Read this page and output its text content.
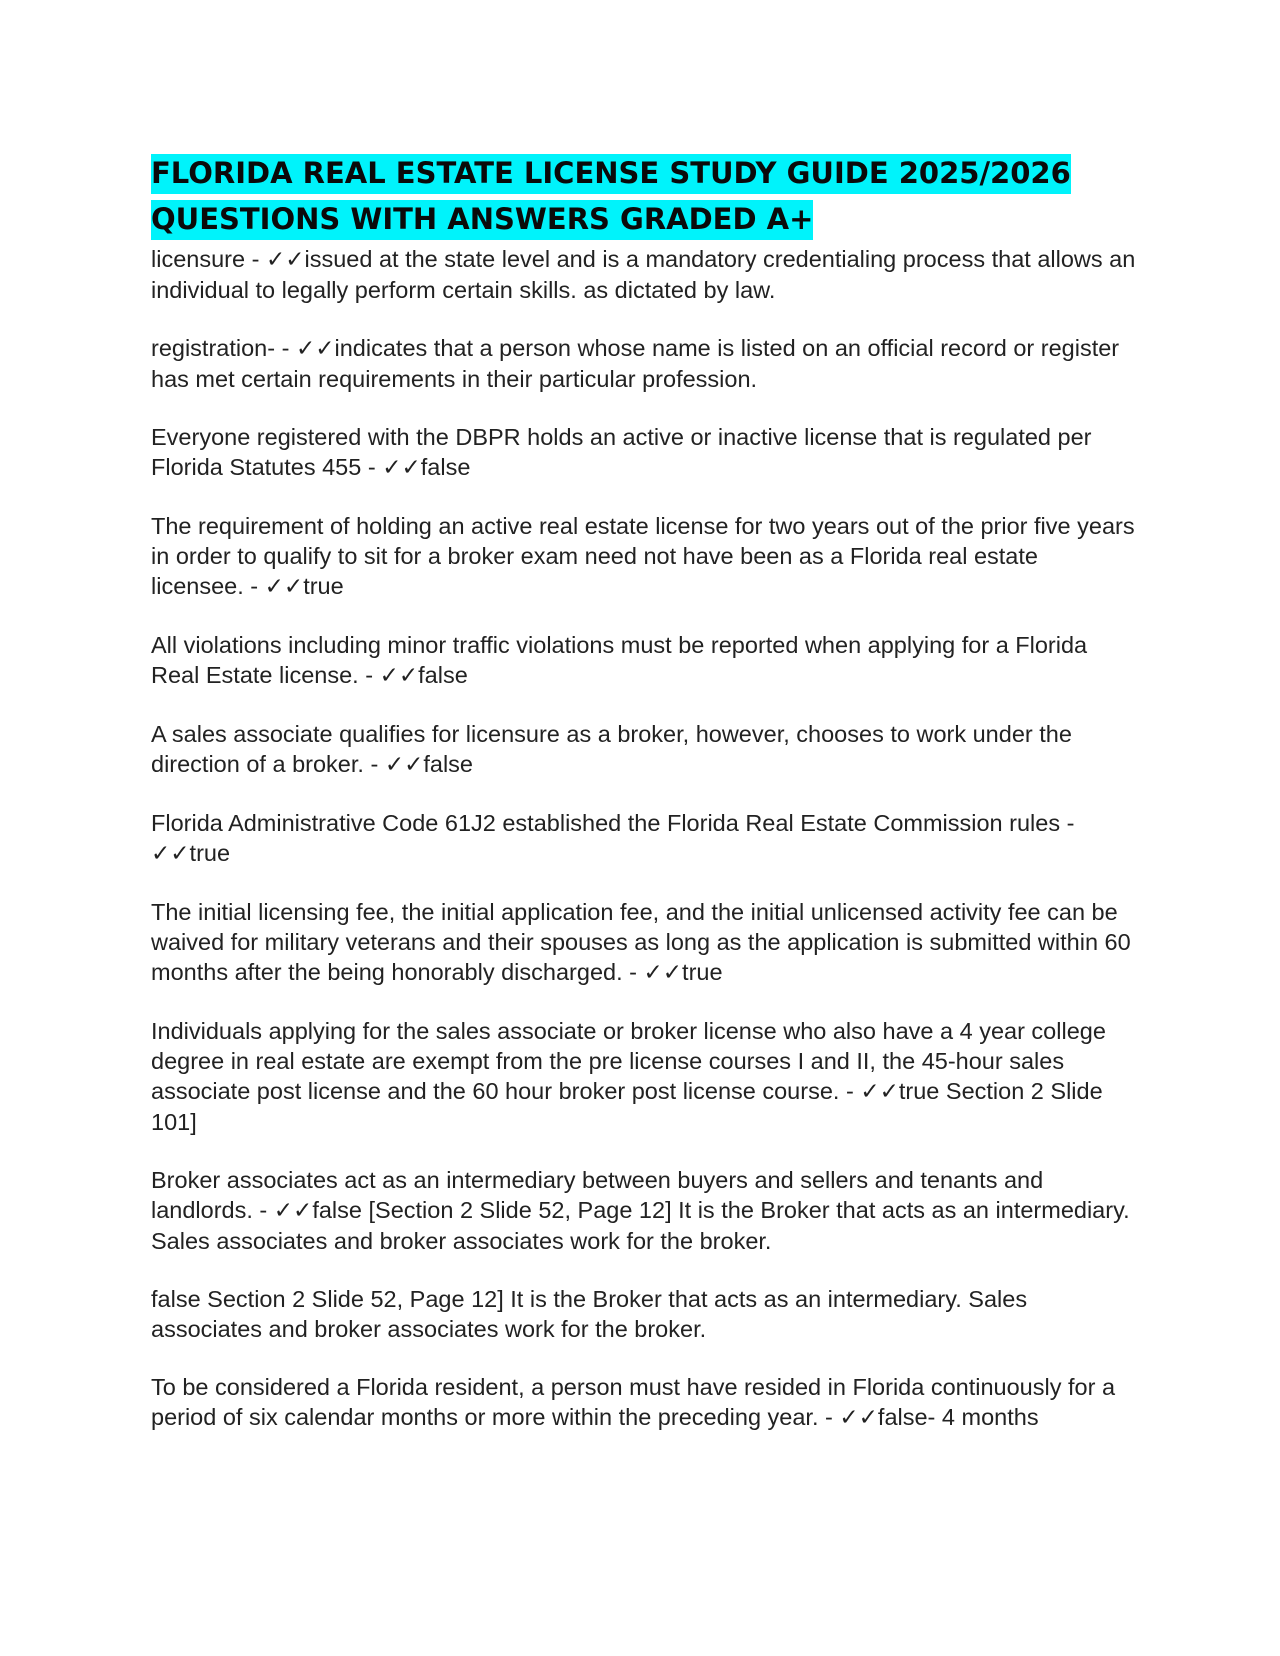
FLORIDA REAL ESTATE LICENSE STUDY GUIDE 2025/2026
QUESTIONS WITH ANSWERS GRADED A+

licensure - ✓✓issued at the state level and is a mandatory credentialing process that allows an individual to legally perform certain skills. as dictated by law.

registration- - ✓✓indicates that a person whose name is listed on an official record or register has met certain requirements in their particular profession.

Everyone registered with the DBPR holds an active or inactive license that is regulated per Florida Statutes 455 - ✓✓false

The requirement of holding an active real estate license for two years out of the prior five years in order to qualify to sit for a broker exam need not have been as a Florida real estate licensee. - ✓✓true

All violations including minor traffic violations must be reported when applying for a Florida Real Estate license. - ✓✓false

A sales associate qualifies for licensure as a broker, however, chooses to work under the direction of a broker. - ✓✓false

Florida Administrative Code 61J2 established the Florida Real Estate Commission rules - ✓✓true

The initial licensing fee, the initial application fee, and the initial unlicensed activity fee can be waived for military veterans and their spouses as long as the application is submitted within 60 months after the being honorably discharged. - ✓✓true

Individuals applying for the sales associate or broker license who also have a 4 year college degree in real estate are exempt from the pre license courses I and II, the 45-hour sales associate post license and the 60 hour broker post license course. - ✓✓true Section 2 Slide 101]

Broker associates act as an intermediary between buyers and sellers and tenants and landlords. - ✓✓false [Section 2 Slide 52, Page 12] It is the Broker that acts as an intermediary. Sales associates and broker associates work for the broker.

false Section 2 Slide 52, Page 12] It is the Broker that acts as an intermediary. Sales associates and broker associates work for the broker.

To be considered a Florida resident, a person must have resided in Florida continuously for a period of six calendar months or more within the preceding year. - ✓✓false- 4 months
